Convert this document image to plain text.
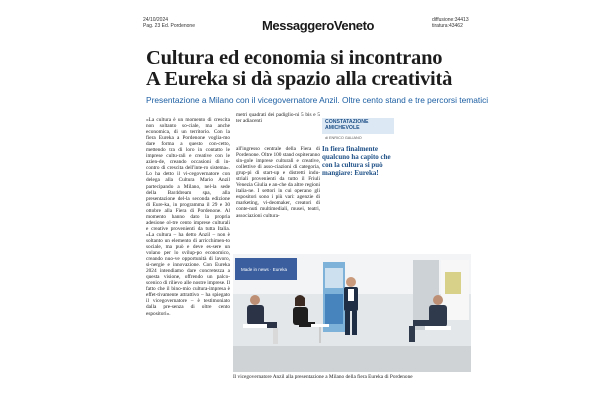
24/10/2024
Pag. 23 Ed. Pordenone	MessaggeroVeneto	diffusione:34413
tiratura:43462
Cultura ed economia si incontrano
A Eureka si dà spazio alla creatività
Presentazione a Milano con il vicegovernatore Anzil. Oltre cento stand e tre percorsi tematici

«La cultura è un momento di crescita non soltanto so-ciale, ma anche economica, di un territorio. Con la fiera Eureka a Pordenone voglia-mo dare forma a questo con-cetto, mettendo tra di loro in contatto le imprese cultu-rali e creative con le azien-de, creando occasioni di in-contro di crescita dell'inte-ro sistema». Lo ha detto il vi-cegovernatore con delega alla Cultura Mario Anzil partecipando a Milano, nel-la sede della Bar4dream spa, alla presentazione del-la seconda edizione di Eure-ka, in programma il 29 e 30 ottobre alla Fiera di Pordenone. Al momento hanno dato la propria adesione ol-tre cento imprese culturali e creative provenienti da tutta Italia. «La cultura – ha detto Anzil – non è soltanto un elemento di arricchimen-to sociale, ma può e deve es-sere un volano per lo svilup-po economico, creando nuo-ve opportunità di lavoro, si-nergie e innovazione. Con Eureka 2024 intendiamo dare concretezza a questa visione, offrendo un palco-scenico di rilievo alle nostre imprese. Il fatto che il bino-mio cultura-impresa è effet-tivamente attrattivo – ha spiegato il vicegovernatore – è testimoniato dalla pre-senza di oltre cento espositori».

metri quadrati dei padiglio-ni 5 bis e 5 ter adiacenti

all'ingresso centrale della Fiera di Pordenone. Oltre 100 stand ospiteranno sin-gole imprese culturali e creative, collettive di asso-ciazioni di categoria, grup-pi di start-up e distretti indu-striali provenienti da tutto il Friuli Venezia Giulia e an-che da altre regioni italia-ne. I settori in cui operano gli espositori sono i più vari: agenzie di marketing, vi-deomaker, creatori di conte-nuti multimediali, musei, teatri, associazioni cultura-

CONSTATAZIONE
AMICHEVOLE
di ENRICO GALIANO
In fiera finalmente qualcuno ha capito che con la cultura si può mangiare: Eureka!
Made in news · Eureka
Il vicegovernatore Anzil alla presentazione a Milano della fiera Eureka di Pordenone
